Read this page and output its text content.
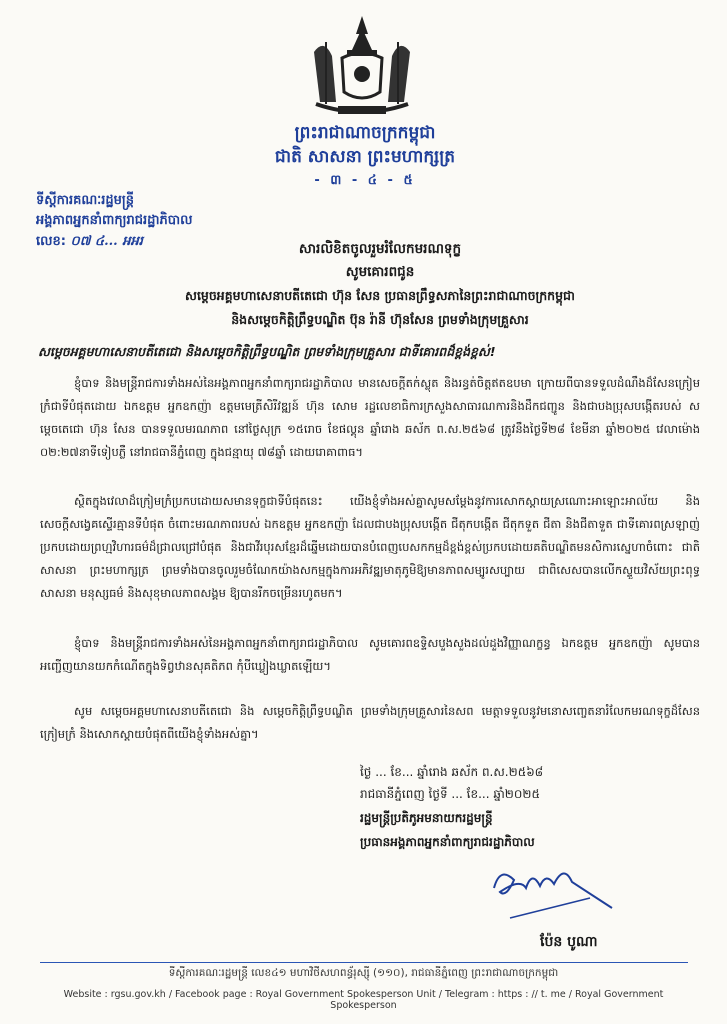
ព្រះរាជាណាចក្រកម្ពុជា
ជាតិ សាសនា ព្រះមហាក្សត្រ
- ៣ - ៤ - ៥
ទីស្ដីការគណៈរដ្ឋមន្ត្រី
អង្គភាពអ្នកនាំពាក្យរាជរដ្ឋាភិបាល
លេខ: ០៧ ៤... អអរ	សារលិខិតចូលរួមរំលែកមរណទុក្ខ
សូមគោរពជូន
សម្តេចអគ្គមហាសេនាបតីតេជោ ហ៊ុន សែន ប្រធានព្រឹទ្ធសភានៃព្រះរាជាណាចក្រកម្ពុជា
និងសម្តេចកិត្តិព្រឹទ្ធបណ្ឌិត ប៊ុន រ៉ានី ហ៊ុនសែន ព្រមទាំងក្រុមគ្រួសារ
សម្តេចអគ្គមហាសេនាបតីតេជោ និងសម្តេចកិត្តិព្រឹទ្ធបណ្ឌិត ព្រមទាំងក្រុមគ្រួសារ ជាទីគោរពដ៏ខ្ពង់ខ្ពស់!

ខ្ញុំបាទ និងមន្ត្រីរាជការទាំងអស់នៃអង្គភាពអ្នកនាំពាក្យរាជរដ្ឋាភិបាល មានសេចក្តីតក់ស្លុត និងរន្ធត់ចិត្តឥតឧបមា ក្រោយពីបានទទួលដំណឹងដ៏សែនក្រៀមក្រំជាទីបំផុតដោយ ឯកឧត្តម អ្នកឧកញ៉ា ឧត្តមមេត្រីសិរីវឌ្ឍន៍ ហ៊ុន សោម រដ្ឋលេខាធិការក្រសួងសាធារណការនិងដឹកជញ្ជូន និងជាបងប្រុសបង្កើតរបស់ សម្តេចតេជោ ហ៊ុន សែន បានទទួលមរណភាព នៅថ្ងៃសុក្រ ១៥រោច ខែផល្គុន ឆ្នាំរោង ឆស័ក ព.ស.២៥៦៨ ត្រូវនឹងថ្ងៃទី២៨ ខែមីនា ឆ្នាំ២០២៥ វេលាម៉ោង ០២:២៧នាទីទៀបភ្លឺ នៅរាជធានីភ្នំពេញ ក្នុងជន្មាយុ ៧៨ឆ្នាំ ដោយរោគាពាធ។

ស្ថិតក្នុងវេលាដ៏ក្រៀមក្រំប្រកបដោយសមានទុក្ខជាទីបំផុតនេះ យើងខ្ញុំទាំងអស់គ្នាសូមសម្តែងនូវការសោកស្តាយស្រណោះអាឡោះអាល័យ និងសេចក្តីសង្វេគស្ទើរគ្មានទីបំផុត ចំពោះមរណភាពរបស់ ឯកឧត្តម អ្នកឧកញ៉ា ដែលជាបងប្រុសបង្កើត ជីតុកបង្កើត ជីតុកទួត ជីតា និងជីតាទួត ជាទីគោរពស្រឡាញ់ប្រកបដោយព្រហ្មវិហារធម៌ដ៏ជ្រាលជ្រៅបំផុត និងជាវីរបុរសខ្មែរដ៏ឆ្នើមដោយបានបំពេញបេសកកម្មដ៏ខ្ពង់ខ្ពស់ប្រកបដោយគតិបណ្ឌិតមនសិការស្នេហាចំពោះ ជាតិ សាសនា ព្រះមហាក្សត្រ ព្រមទាំងបានចូលរួមចំណែកយ៉ាងសកម្មក្នុងការអភិវឌ្ឍមាតុភូមិឱ្យមានភាពសម្បូរសប្បាយ ជាពិសេសបានលើកស្ទួយវិស័យព្រះពុទ្ធសាសនា មនុស្សធម៌ និងសុខុមាលភាពសង្គម ឱ្យបានរីកចម្រើនរហូតមក។

ខ្ញុំបាទ និងមន្ត្រីរាជការទាំងអស់នៃអង្គភាពអ្នកនាំពាក្យរាជរដ្ឋាភិបាល សូមគោរពឧទ្ទិសបួងសួងដល់ដួងវិញ្ញាណក្ខន្ធ ឯកឧត្តម អ្នកឧកញ៉ា សូមបានអញ្ជើញយានយកកំណើតក្នុងទិព្វឋានសុគតិភព កុំបីឃ្លៀងឃ្លាតឡើយ។

សូម សម្តេចអគ្គមហាសេនាបតីតេជោ និង សម្តេចកិត្តិព្រឹទ្ធបណ្ឌិត ព្រមទាំងក្រុមគ្រួសារនៃសព មេត្តាទទួលនូវមនោសញ្ចេតនារំលែកមរណទុក្ខដ៏សែនក្រៀមក្រំ និងសោកស្តាយបំផុតពីយើងខ្ញុំទាំងអស់គ្នា។

ថ្ងៃ ... ខែ... ឆ្នាំរោង ឆស័ក ព.ស.២៥៦៨
រាជធានីភ្នំពេញ ថ្ងៃទី ... ខែ... ឆ្នាំ២០២៥
រដ្ឋមន្ត្រីប្រតិភូអមនាយករដ្ឋមន្ត្រី
ប្រធានអង្គភាពអ្នកនាំពាក្យរាជរដ្ឋាភិបាល
ប៉ែន បូណា
ទីស្ដីការគណៈរដ្ឋមន្ត្រី លេខ៤១ មហាវិថីសហពន្ធ័រុស្ស៊ី (១១០), រាជធានីភ្នំពេញ ព្រះរាជាណាចក្រកម្ពុជា
Website : rgsu.gov.kh / Facebook page : Royal Government Spokesperson Unit / Telegram : https : // t. me / Royal Government Spokesperson
